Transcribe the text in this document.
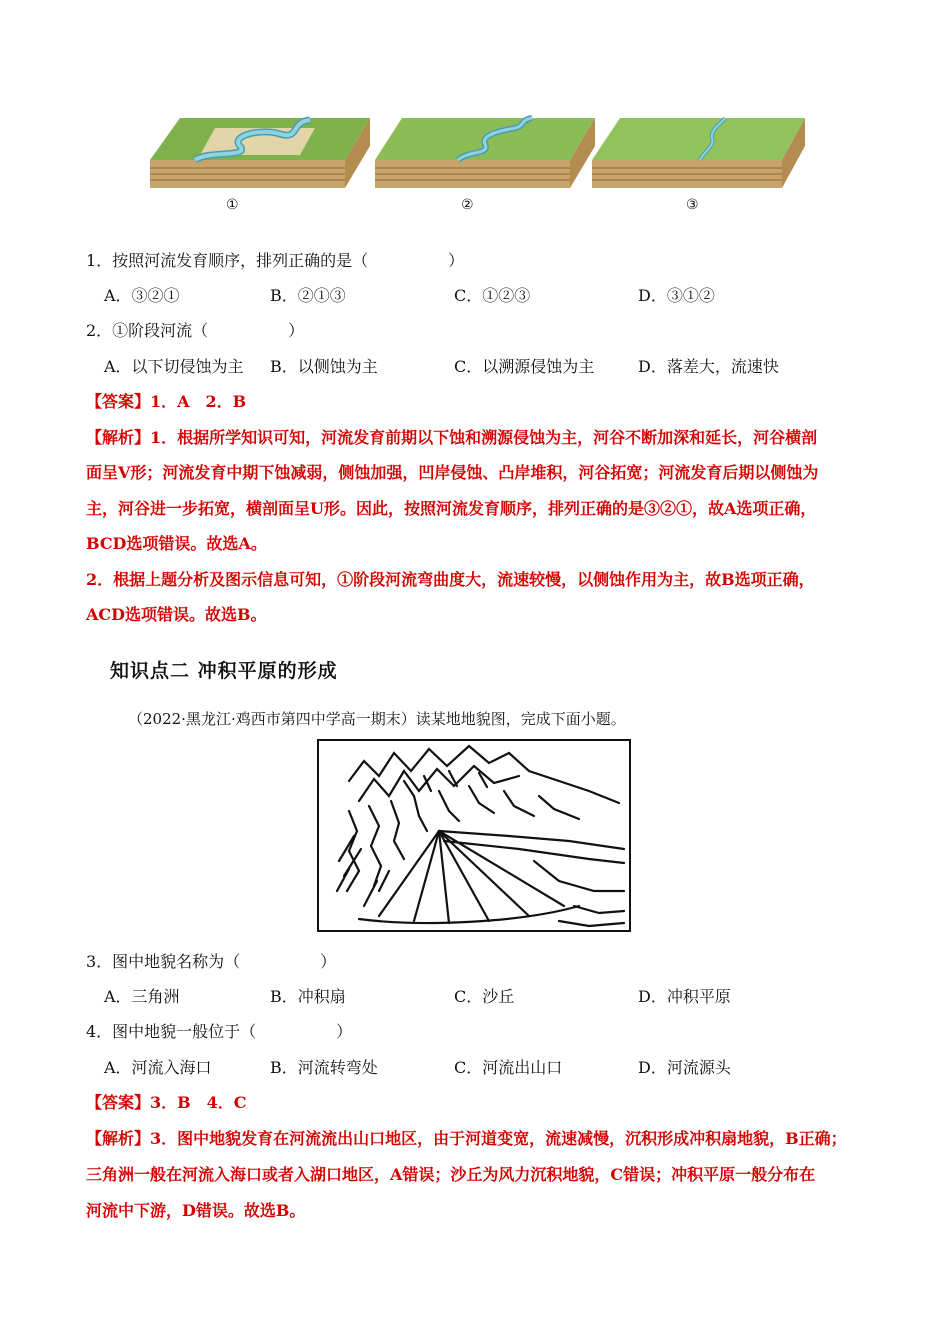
①	②	③
1．按照河流发育顺序，排列正确的是（　　　　　）
A．③②①	B．②①③	C．①②③	D．③①②
2．①阶段河流（　　　　　）
A．以下切侵蚀为主 B．以侧蚀为主	C．以溯源侵蚀为主	D．落差大，流速快
【答案】1．A　2．B
【解析】1．根据所学知识可知，河流发育前期以下蚀和溯源侵蚀为主，河谷不断加深和延长，河谷横剖
面呈V形；河流发育中期下蚀减弱，侧蚀加强，凹岸侵蚀、凸岸堆积，河谷拓宽；河流发育后期以侧蚀为
主，河谷进一步拓宽，横剖面呈U形。因此，按照河流发育顺序，排列正确的是③②①，故A选项正确，
BCD选项错误。故选A。
2．根据上题分析及图示信息可知，①阶段河流弯曲度大，流速较慢，以侧蚀作用为主，故B选项正确，
ACD选项错误。故选B。
知识点二 冲积平原的形成
（2022·黑龙江·鸡西市第四中学高一期末）读某地地貌图，完成下面小题。
3．图中地貌名称为（　　　　　）
A．三角洲	B．冲积扇	C．沙丘	D．冲积平原
4．图中地貌一般位于（　　　　　）
A．河流入海口	B．河流转弯处	C．河流出山口	D．河流源头
【答案】3．B　4．C
【解析】3．图中地貌发育在河流流出山口地区，由于河道变宽，流速减慢，沉积形成冲积扇地貌，B正确；
三角洲一般在河流入海口或者入湖口地区，A错误；沙丘为风力沉积地貌，C错误；冲积平原一般分布在
河流中下游，D错误。故选B。
